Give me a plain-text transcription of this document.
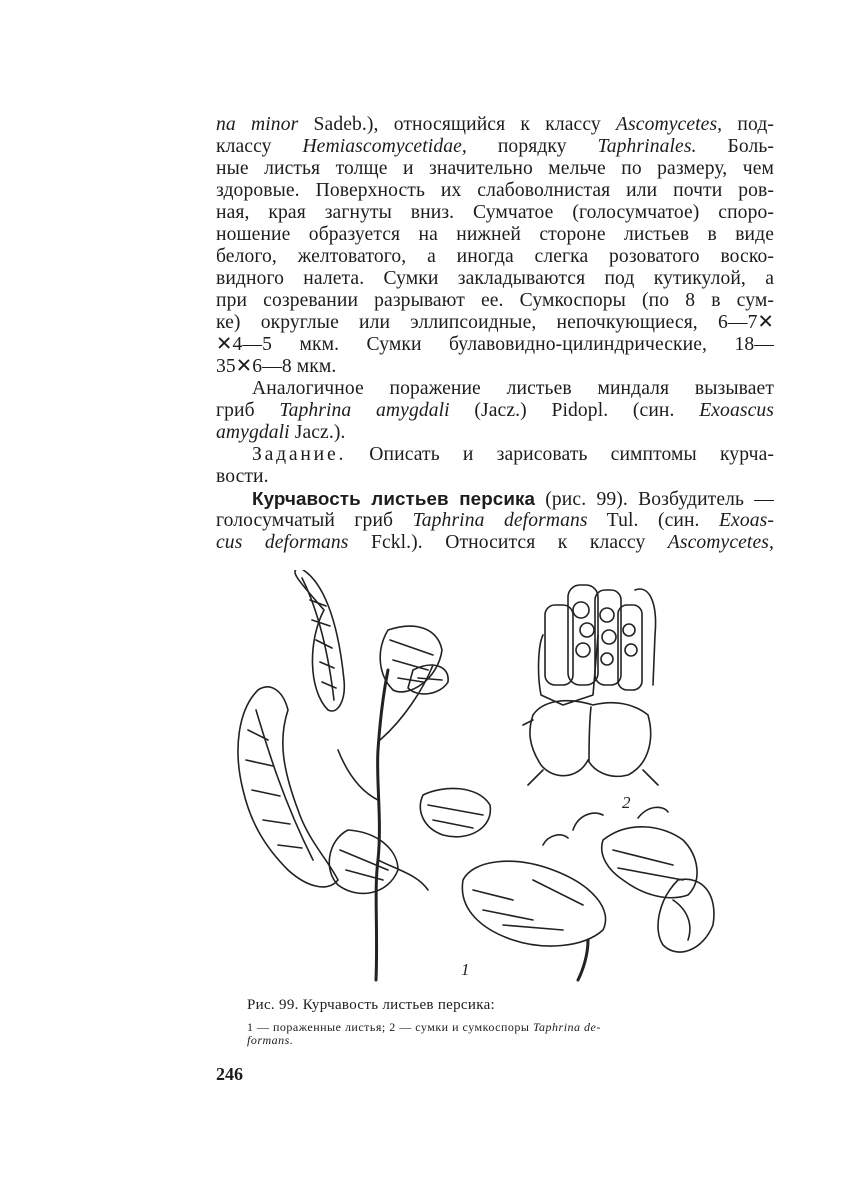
na minor Sadeb.), относящийся к классу Ascomycetes, под-
классу Hemiascomycetidae, порядку Taphrinales. Боль-
ные листья толще и значительно мельче по размеру, чем
здоровые. Поверхность их слабоволнистая или почти ров-
ная, края загнуты вниз. Сумчатое (голосумчатое) споро-
ношение образуется на нижней стороне листьев в виде
белого, желтоватого, а иногда слегка розоватого воско-
видного налета. Сумки закладываются под кутикулой, а
при созревании разрывают ее. Сумкоспоры (по 8 в сум-
ке) округлые или эллипсоидные, непочкующиеся, 6—7✕
✕4—5 мкм. Сумки булавовидно-цилиндрические, 18—
35✕6—8 мкм.
Аналогичное поражение листьев миндаля вызывает
гриб Taphrina amygdali (Jacz.) Pidopl. (син. Exoascus
amygdali Jacz.).
Задание. Описать и зарисовать симптомы курча-
вости.
Курчавость листьев персика (рис. 99). Возбудитель —
голосумчатый гриб Taphrina deformans Tul. (син. Exoas-
cus deformans Fckl.). Относится к классу Ascomycetes,
1
2
Рис. 99. Курчавость листьев персика:
1 — пораженные листья; 2 — сумки и сумкоспоры Taphrina de-
formans.
246
